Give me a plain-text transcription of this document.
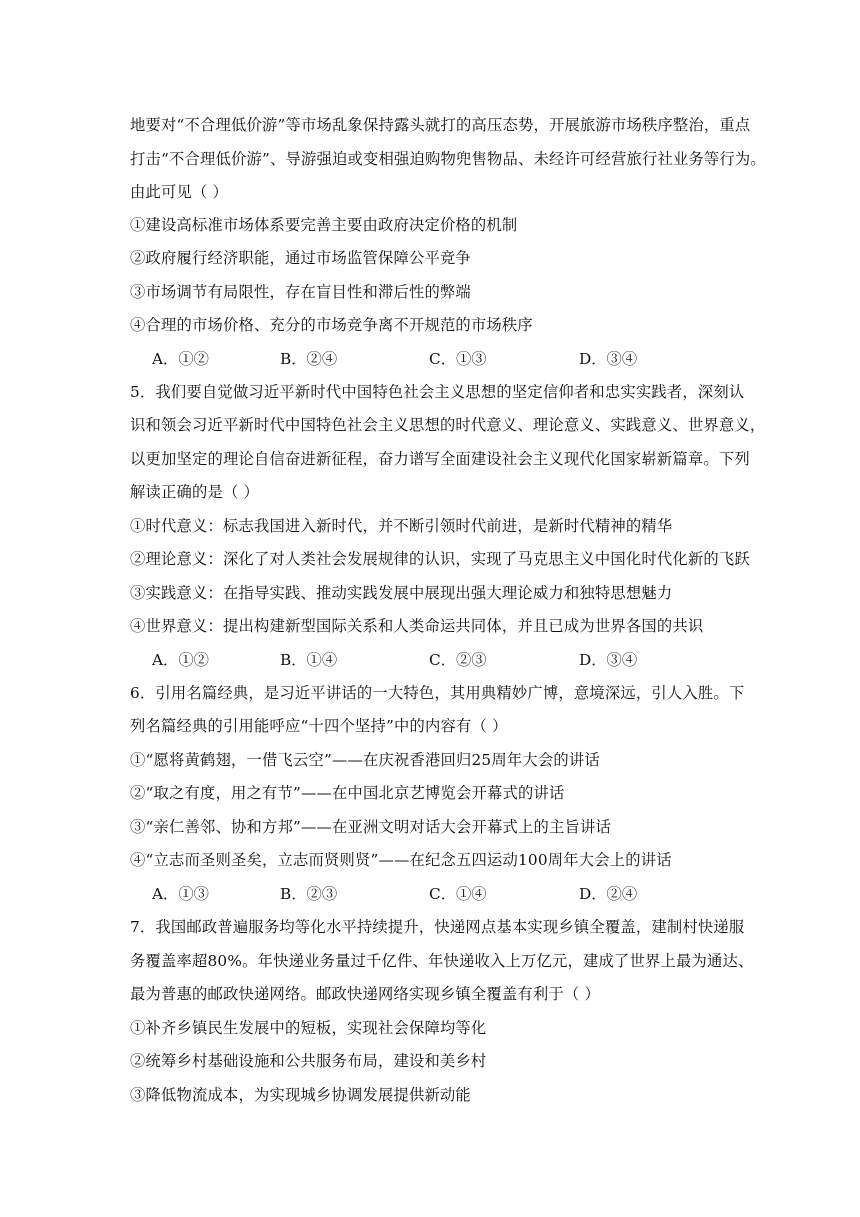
地要对“不合理低价游”等市场乱象保持露头就打的高压态势，开展旅游市场秩序整治，重点
打击“不合理低价游”、导游强迫或变相强迫购物兜售物品、未经许可经营旅行社业务等行为。
由此可见（ ）
①建设高标准市场体系要完善主要由政府决定价格的机制
②政府履行经济职能，通过市场监管保障公平竞争
③市场调节有局限性，存在盲目性和滞后性的弊端
④合理的市场价格、充分的市场竞争离不开规范的市场秩序
A．①②	B．②④	C．①③	D．③④
5．我们要自觉做习近平新时代中国特色社会主义思想的坚定信仰者和忠实实践者，深刻认
识和领会习近平新时代中国特色社会主义思想的时代意义、理论意义、实践意义、世界意义，
以更加坚定的理论自信奋进新征程，奋力谱写全面建设社会主义现代化国家崭新篇章。下列
解读正确的是（ ）
①时代意义：标志我国进入新时代，并不断引领时代前进，是新时代精神的精华
②理论意义：深化了对人类社会发展规律的认识，实现了马克思主义中国化时代化新的飞跃
③实践意义：在指导实践、推动实践发展中展现出强大理论威力和独特思想魅力
④世界意义：提出构建新型国际关系和人类命运共同体，并且已成为世界各国的共识
A．①②	B．①④	C．②③	D．③④
6．引用名篇经典，是习近平讲话的一大特色，其用典精妙广博，意境深远，引人入胜。下
列名篇经典的引用能呼应“十四个坚持”中的内容有（ ）
①“愿将黄鹤翅，一借飞云空”——在庆祝香港回归25周年大会的讲话
②“取之有度，用之有节”——在中国北京艺博览会开幕式的讲话
③“亲仁善邻、协和方邦”——在亚洲文明对话大会开幕式上的主旨讲话
④“立志而圣则圣矣，立志而贤则贤”——在纪念五四运动100周年大会上的讲话
A．①③	B．②③	C．①④	D．②④
7．我国邮政普遍服务均等化水平持续提升，快递网点基本实现乡镇全覆盖，建制村快递服
务覆盖率超80%。年快递业务量过千亿件、年快递收入上万亿元，建成了世界上最为通达、
最为普惠的邮政快递网络。邮政快递网络实现乡镇全覆盖有利于（ ）
①补齐乡镇民生发展中的短板，实现社会保障均等化
②统筹乡村基础设施和公共服务布局，建设和美乡村
③降低物流成本，为实现城乡协调发展提供新动能
